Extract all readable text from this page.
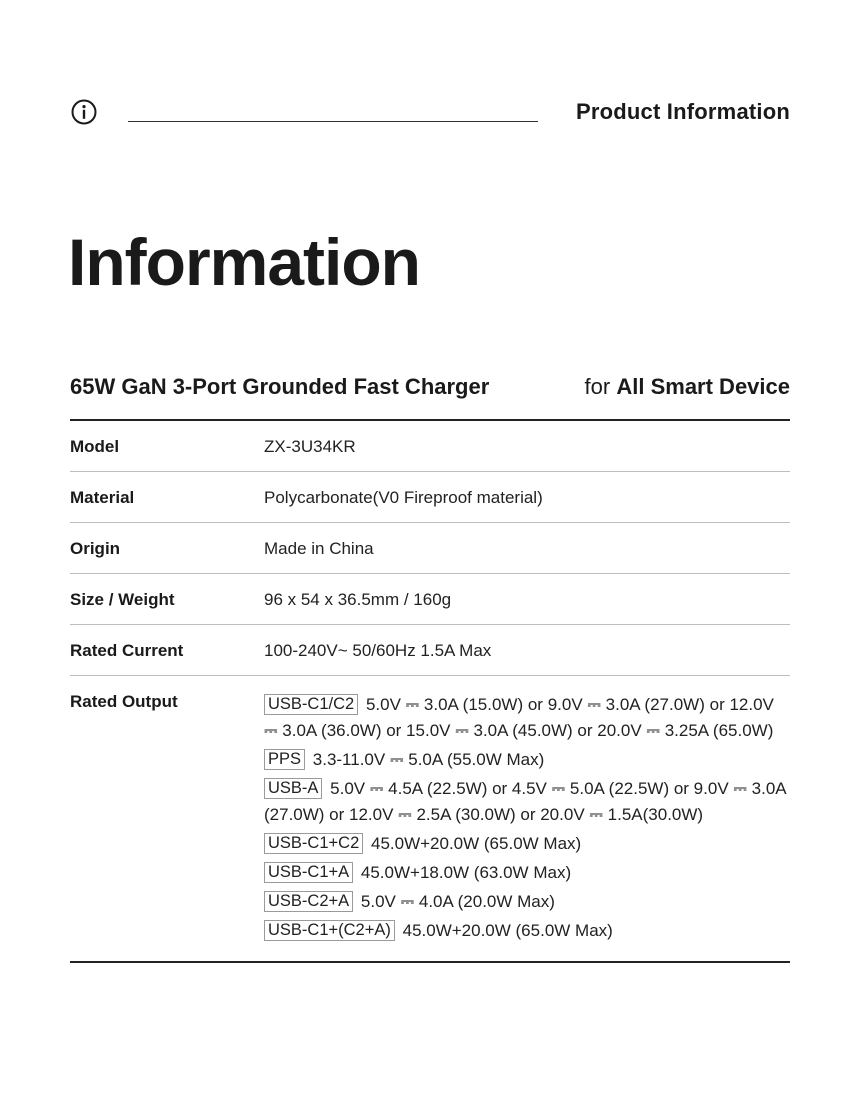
Product Information
Information
65W GaN 3-Port Grounded Fast Charger	for All Smart Device
Model	ZX-3U34KR
Material	Polycarbonate(V0 Fireproof material)
Origin	Made in China
Size / Weight	96 x 54 x 36.5mm / 160g
Rated Current	100-240V~ 50/60Hz 1.5A Max
Rated Output	USB-C1/C2 5.0V ⎓ 3.0A (15.0W) or 9.0V ⎓ 3.0A (27.0W) or 12.0V ⎓ 3.0A (36.0W) or 15.0V ⎓ 3.0A (45.0W) or 20.0V ⎓ 3.25A (65.0W)
PPS 3.3-11.0V ⎓ 5.0A (55.0W Max)
USB-A 5.0V ⎓ 4.5A (22.5W) or 4.5V ⎓ 5.0A (22.5W) or 9.0V ⎓ 3.0A (27.0W) or 12.0V ⎓ 2.5A (30.0W) or 20.0V ⎓ 1.5A(30.0W)
USB-C1+C2 45.0W+20.0W (65.0W Max)
USB-C1+A 45.0W+18.0W (63.0W Max)
USB-C2+A 5.0V ⎓ 4.0A (20.0W Max)
USB-C1+(C2+A) 45.0W+20.0W (65.0W Max)
